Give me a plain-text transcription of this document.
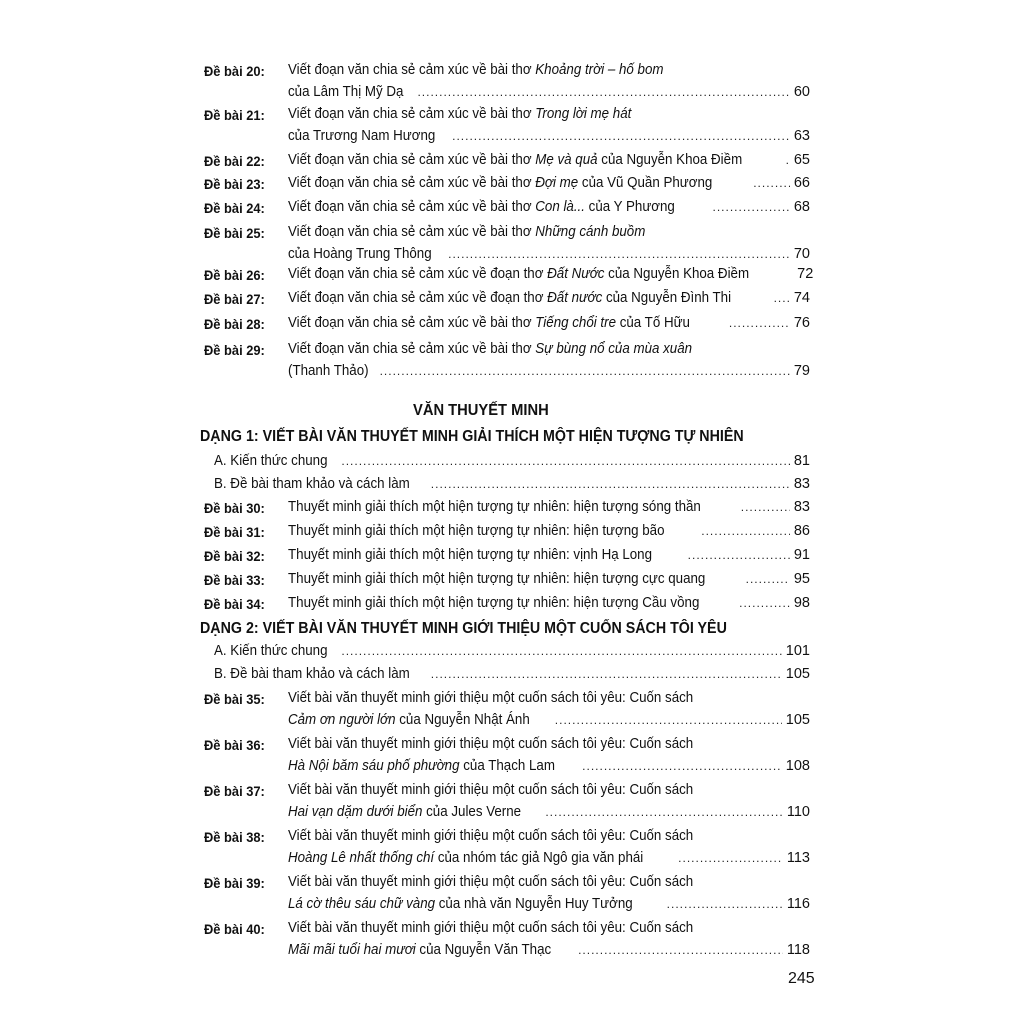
Đề bài 20: Viết đoạn văn chia sẻ cảm xúc về bài thơ Khoảng trời – hố bom
của Lâm Thị Mỹ Dạ .....	60
Đề bài 21: Viết đoạn văn chia sẻ cảm xúc về bài thơ Trong lời mẹ hát
của Trương Nam Hương .....	63
Đề bài 22: Viết đoạn văn chia sẻ cảm xúc về bài thơ Mẹ và quả của Nguyễn Khoa Điềm .....	65
Đề bài 23: Viết đoạn văn chia sẻ cảm xúc về bài thơ Đợi mẹ của Vũ Quần Phương .....	66
Đề bài 24: Viết đoạn văn chia sẻ cảm xúc về bài thơ Con là... của Y Phương .....	68
Đề bài 25: Viết đoạn văn chia sẻ cảm xúc về bài thơ Những cánh buồm
của Hoàng Trung Thông .....	70
Đề bài 26: Viết đoạn văn chia sẻ cảm xúc về đoạn thơ Đất Nước của Nguyễn Khoa Điềm	72
Đề bài 27: Viết đoạn văn chia sẻ cảm xúc về đoạn thơ Đất nước của Nguyễn Đình Thi .....	74
Đề bài 28: Viết đoạn văn chia sẻ cảm xúc về bài thơ Tiếng chổi tre của Tố Hữu .....	76
Đề bài 29: Viết đoạn văn chia sẻ cảm xúc về bài thơ Sự bùng nổ của mùa xuân
(Thanh Thảo) .....	79
VĂN THUYẾT MINH
DẠNG 1: VIẾT BÀI VĂN THUYẾT MINH GIẢI THÍCH MỘT HIỆN TƯỢNG TỰ NHIÊN
A. Kiến thức chung .....	81
B. Đề bài tham khảo và cách làm .....	83
Đề bài 30: Thuyết minh giải thích một hiện tượng tự nhiên: hiện tượng sóng thần .....	83
Đề bài 31: Thuyết minh giải thích một hiện tượng tự nhiên: hiện tượng bão .....	86
Đề bài 32: Thuyết minh giải thích một hiện tượng tự nhiên: vịnh Hạ Long .....	91
Đề bài 33: Thuyết minh giải thích một hiện tượng tự nhiên: hiện tượng cực quang .....	95
Đề bài 34: Thuyết minh giải thích một hiện tượng tự nhiên: hiện tượng Cầu vồng .....	98
DẠNG 2: VIẾT BÀI VĂN THUYẾT MINH GIỚI THIỆU MỘT CUỐN SÁCH TÔI YÊU
A. Kiến thức chung .....	101
B. Đề bài tham khảo và cách làm .....	105
Đề bài 35: Viết bài văn thuyết minh giới thiệu một cuốn sách tôi yêu: Cuốn sách
Cảm ơn người lớn của Nguyễn Nhật Ánh .....	105
Đề bài 36: Viết bài văn thuyết minh giới thiệu một cuốn sách tôi yêu: Cuốn sách
Hà Nội băm sáu phố phường của Thạch Lam .....	108
Đề bài 37: Viết bài văn thuyết minh giới thiệu một cuốn sách tôi yêu: Cuốn sách
Hai vạn dặm dưới biển của Jules Verne .....	110
Đề bài 38: Viết bài văn thuyết minh giới thiệu một cuốn sách tôi yêu: Cuốn sách
Hoàng Lê nhất thống chí của nhóm tác giả Ngô gia văn phái .....	113
Đề bài 39: Viết bài văn thuyết minh giới thiệu một cuốn sách tôi yêu: Cuốn sách
Lá cờ thêu sáu chữ vàng của nhà văn Nguyễn Huy Tưởng .....	116
Đề bài 40: Viết bài văn thuyết minh giới thiệu một cuốn sách tôi yêu: Cuốn sách
Mãi mãi tuổi hai mươi của Nguyễn Văn Thạc .....	118
245
